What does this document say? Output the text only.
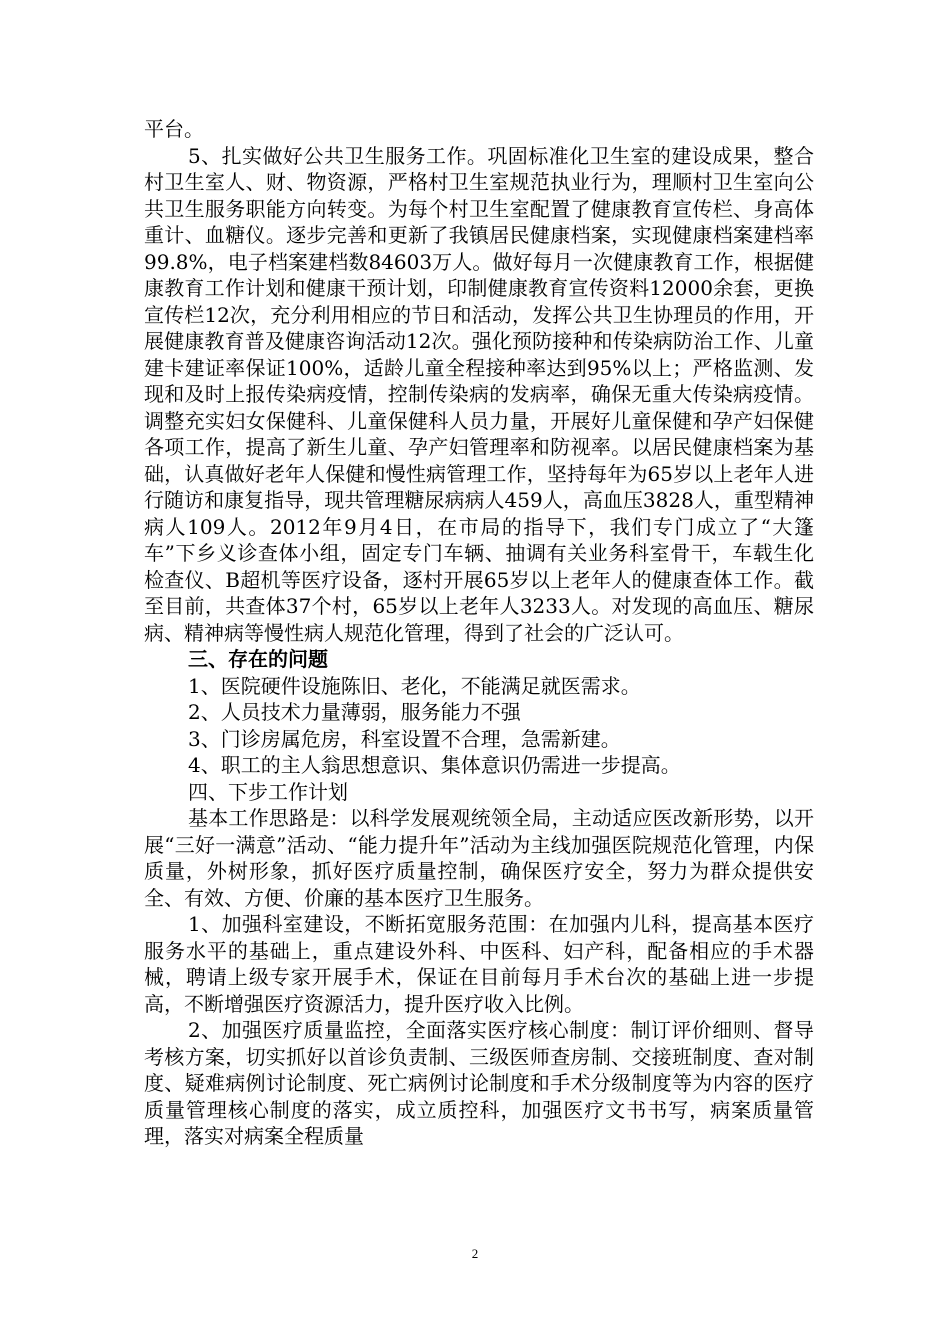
平台。

5、扎实做好公共卫生服务工作。巩固标准化卫生室的建设成果，整合村卫生室人、财、物资源，严格村卫生室规范执业行为，理顺村卫生室向公共卫生服务职能方向转变。为每个村卫生室配置了健康教育宣传栏、身高体重计、血糖仪。逐步完善和更新了我镇居民健康档案，实现健康档案建档率99.8%，电子档案建档数84603万人。做好每月一次健康教育工作，根据健康教育工作计划和健康干预计划，印制健康教育宣传资料12000余套，更换宣传栏12次，充分利用相应的节日和活动，发挥公共卫生协理员的作用，开展健康教育普及健康咨询活动12次。强化预防接种和传染病防治工作、儿童建卡建证率保证100%，适龄儿童全程接种率达到95%以上；严格监测、发现和及时上报传染病疫情，控制传染病的发病率，确保无重大传染病疫情。调整充实妇女保健科、儿童保健科人员力量，开展好儿童保健和孕产妇保健各项工作，提高了新生儿童、孕产妇管理率和防视率。以居民健康档案为基础，认真做好老年人保健和慢性病管理工作，坚持每年为65岁以上老年人进行随访和康复指导，现共管理糖尿病病人459人，高血压3828人，重型精神病人109人。2012年9月4日，在市局的指导下，我们专门成立了“大篷车”下乡义诊查体小组，固定专门车辆、抽调有关业务科室骨干，车载生化检查仪、B超机等医疗设备，逐村开展65岁以上老年人的健康查体工作。截至目前，共查体37个村，65岁以上老年人3233人。对发现的高血压、糖尿病、精神病等慢性病人规范化管理，得到了社会的广泛认可。

三、存在的问题

1、医院硬件设施陈旧、老化，不能满足就医需求。

2、人员技术力量薄弱，服务能力不强

3、门诊房属危房，科室设置不合理，急需新建。

4、职工的主人翁思想意识、集体意识仍需进一步提高。

四、下步工作计划

基本工作思路是：以科学发展观统领全局，主动适应医改新形势，以开展“三好一满意”活动、“能力提升年”活动为主线加强医院规范化管理，内保质量，外树形象，抓好医疗质量控制，确保医疗安全，努力为群众提供安全、有效、方便、价廉的基本医疗卫生服务。

1、加强科室建设，不断拓宽服务范围：在加强内儿科，提高基本医疗服务水平的基础上，重点建设外科、中医科、妇产科，配备相应的手术器械，聘请上级专家开展手术，保证在目前每月手术台次的基础上进一步提高，不断增强医疗资源活力，提升医疗收入比例。

2、加强医疗质量监控，全面落实医疗核心制度：制订评价细则、督导考核方案，切实抓好以首诊负责制、三级医师查房制、交接班制度、查对制度、疑难病例讨论制度、死亡病例讨论制度和手术分级制度等为内容的医疗质量管理核心制度的落实，成立质控科，加强医疗文书书写，病案质量管理，落实对病案全程质量

2
